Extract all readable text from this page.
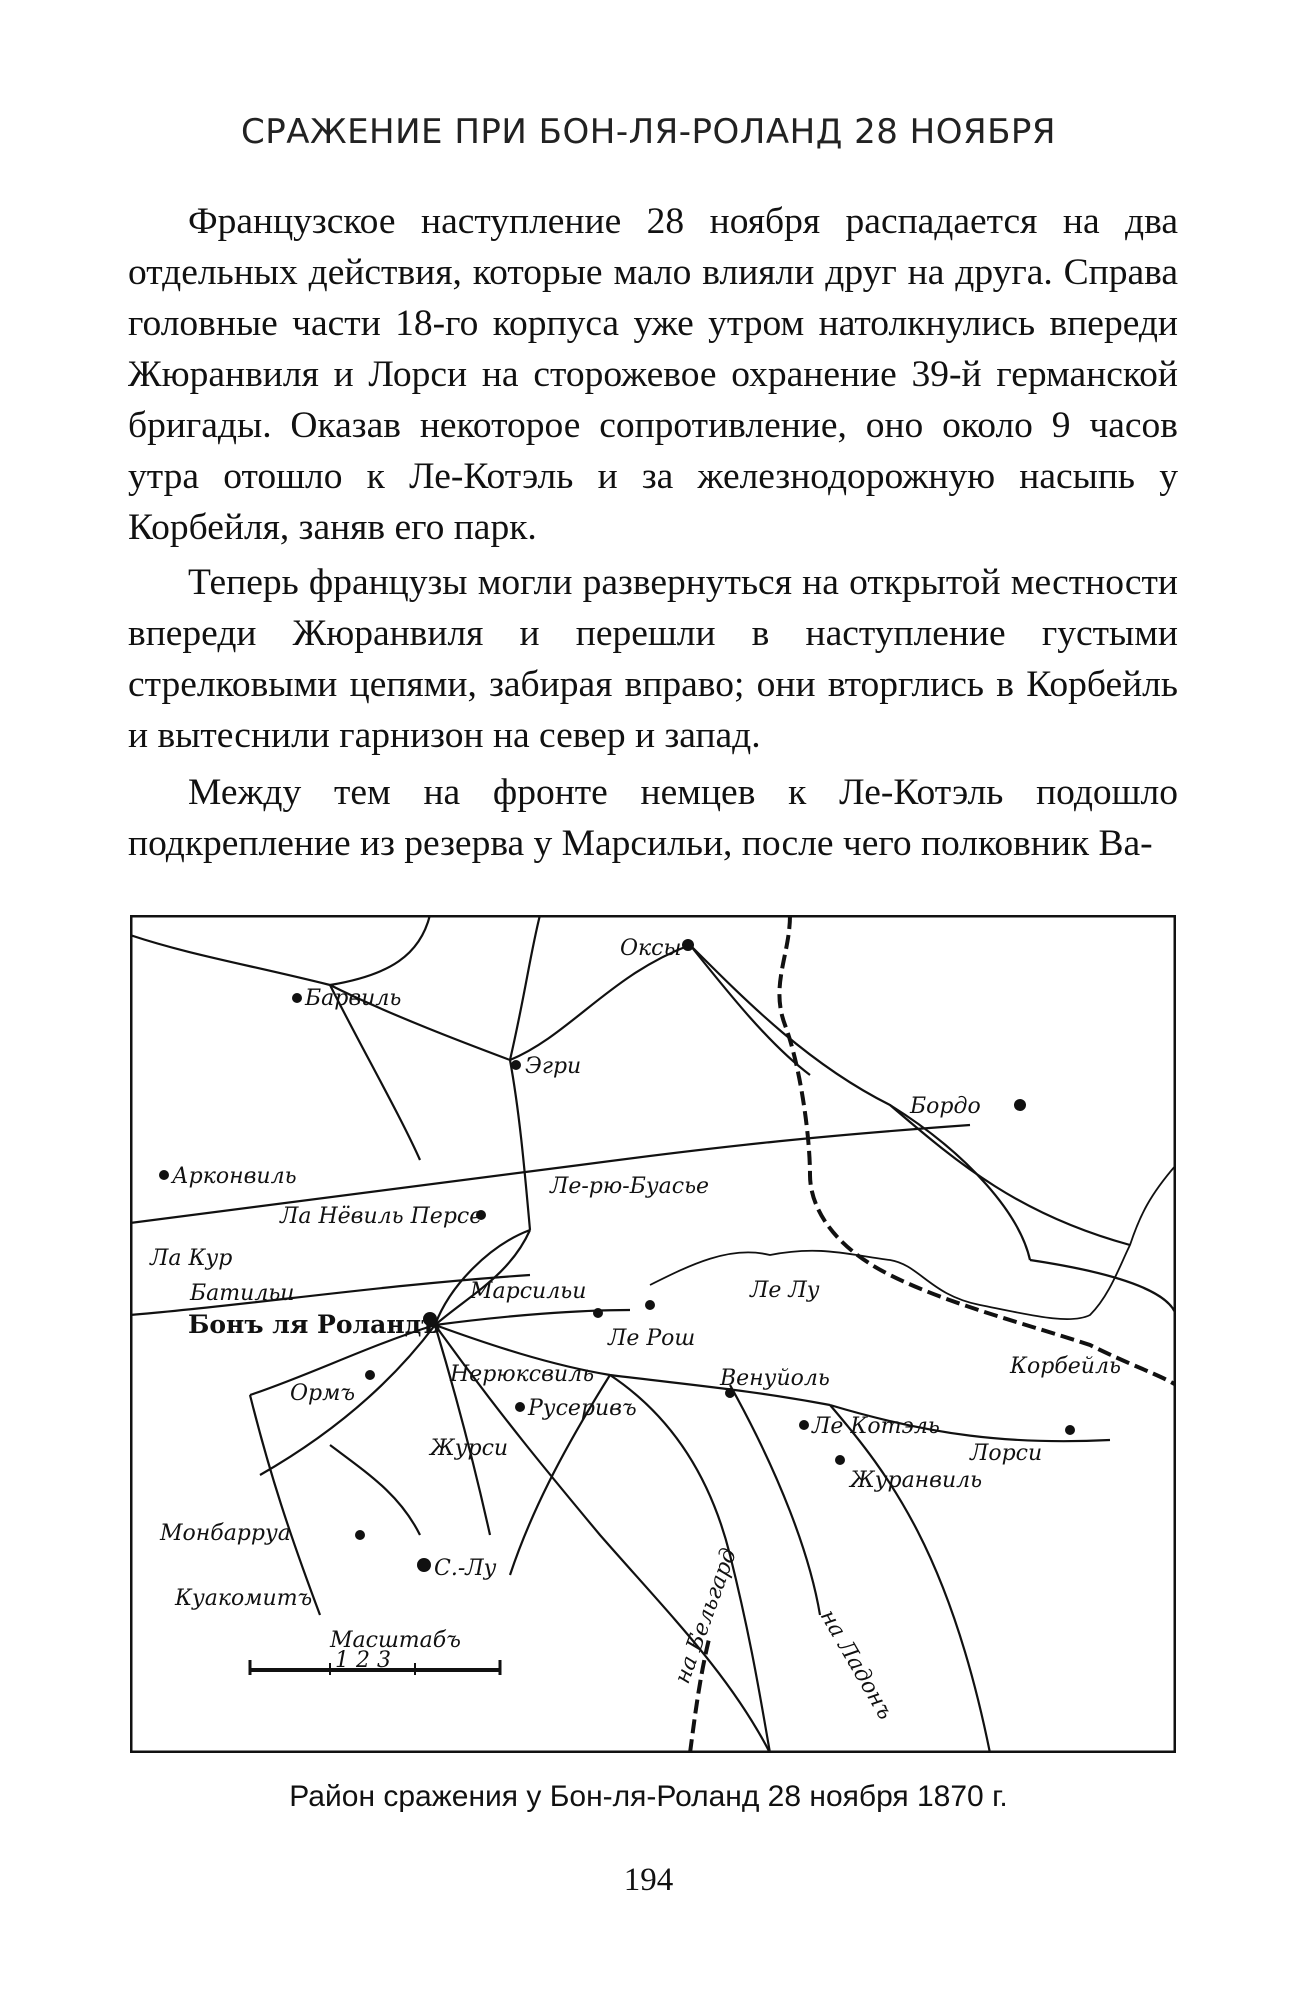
СРАЖЕНИЕ ПРИ БОН-ЛЯ-РОЛАНД 28 НОЯБРЯ

Французское наступление 28 ноября распадается на два отдельных действия, которые мало влияли друг на друга. Справа головные части 18-го корпуса уже утром натолкнулись впереди Жюранвиля и Лорси на сторожевое охранение 39-й германской бригады. Оказав некоторое сопротивление, оно около 9 часов утра отошло к Ле-Котэль и за железнодорожную насыпь у Корбейля, заняв его парк.

Теперь французы могли развернуться на открытой местности впереди Жюранвиля и перешли в наступление густыми стрелковыми цепями, забирая вправо; они вторглись в Корбейль и вытеснили гарнизон на север и запад.

Между тем на фронте немцев к Ле-Котэль подошло подкрепление из резерва у Марсильи, после чего полковник Ва-

Оксы
Барвиль
Эгри
Бордо
Арконвиль
Ла Нёвиль Персе
Ле-рю-Буасье
Ла Кур
Батильи	Марсильи	Ле Лу
Бонъ ля Роландъ	Ле Рош
Корбейль
Ормъ
Нерюксвиль	Венуйоль
Русеривъ
Ле Котэль
Лорси
Журси
Журанвиль
Монбарруа
С.-Лу
Куакомитъ
Масштабъ
1 2 3	на Бельгард	на Ладонъ
Район сражения у Бон-ля-Роланд 28 ноября 1870 г.
194
